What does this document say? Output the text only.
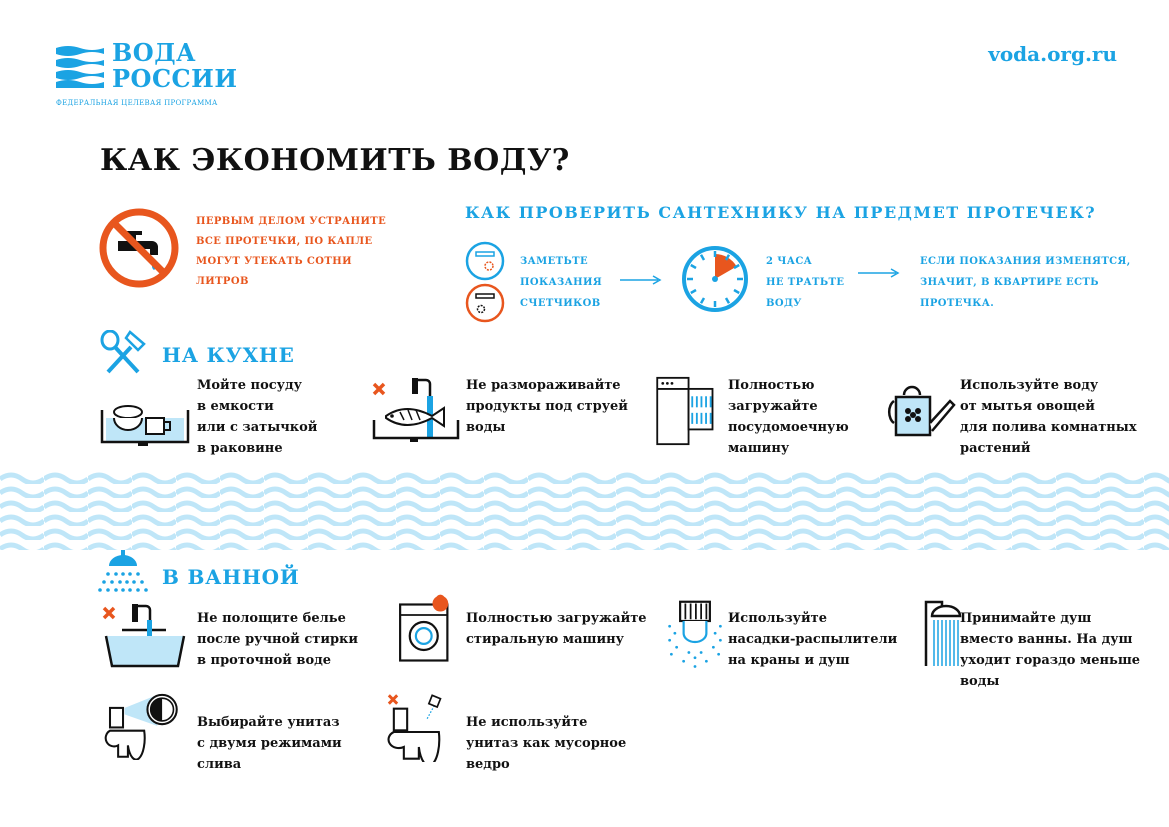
ВОДА
РОССИИ
ФЕДЕРАЛЬНАЯ ЦЕЛЕВАЯ ПРОГРАММА
voda.org.ru
КАК ЭКОНОМИТЬ ВОДУ?
ПЕРВЫМ ДЕЛОМ УСТРАНИТЕ
ВСЕ ПРОТЕЧКИ, ПО КАПЛЕ
МОГУТ УТЕКАТЬ СОТНИ
ЛИТРОВ
КАК ПРОВЕРИТЬ САНТЕХНИКУ НА ПРЕДМЕТ ПРОТЕЧЕК?
ЗАМЕТЬТЕ
ПОКАЗАНИЯ
СЧЕТЧИКОВ
2 ЧАСА
НЕ ТРАТЬТЕ
ВОДУ
ЕСЛИ ПОКАЗАНИЯ ИЗМЕНЯТСЯ,
ЗНАЧИТ, В КВАРТИРЕ ЕСТЬ
ПРОТЕЧКА.
НА КУХНЕ
Мойте посуду
в емкости
или с затычкой
в раковине
Не размораживайте
продукты под струей
воды
Полностью
загружайте
посудомоечную
машину
Используйте воду
от мытья овощей
для полива комнатных
растений
В ВАННОЙ
Не полощите белье
после ручной стирки
в проточной воде
Полностью загружайте
стиральную машину
Используйте
насадки-распылители
на краны и душ
Принимайте душ
вместо ванны. На душ
уходит гораздо меньше
воды
Выбирайте унитаз
с двумя режимами
слива
Не используйте
унитаз как мусорное
ведро
